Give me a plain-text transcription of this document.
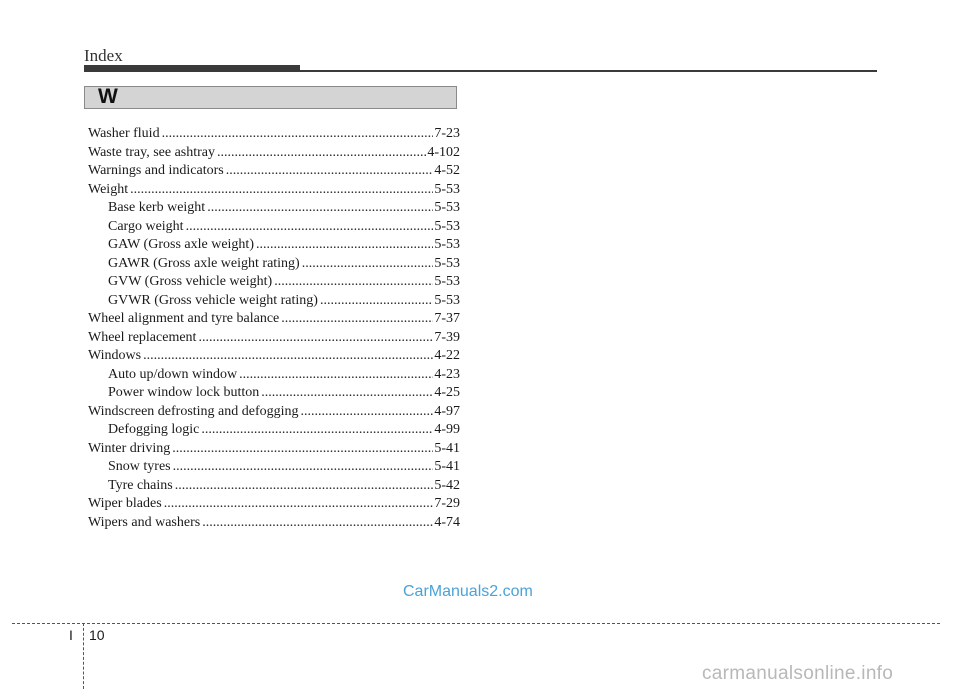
Index
W
Washer fluid .....	7-23
Waste tray, see ashtray .....	4-102
Warnings and indicators .....	4-52
Weight .....	5-53
Base kerb weight .....	5-53
Cargo weight .....	5-53
GAW (Gross axle weight) .....	5-53
GAWR (Gross axle weight rating) .....	5-53
GVW (Gross vehicle weight) .....	5-53
GVWR (Gross vehicle weight rating) .....	5-53
Wheel alignment and tyre balance .....	7-37
Wheel replacement .....	7-39
Windows .....	4-22
Auto up/down window .....	4-23
Power window lock button .....	4-25
Windscreen defrosting and defogging .....	4-97
Defogging logic .....	4-99
Winter driving .....	5-41
Snow tyres .....	5-41
Tyre chains .....	5-42
Wiper blades .....	7-29
Wipers and washers .....	4-74
CarManuals2.com
I 10
carmanualsonline.info
